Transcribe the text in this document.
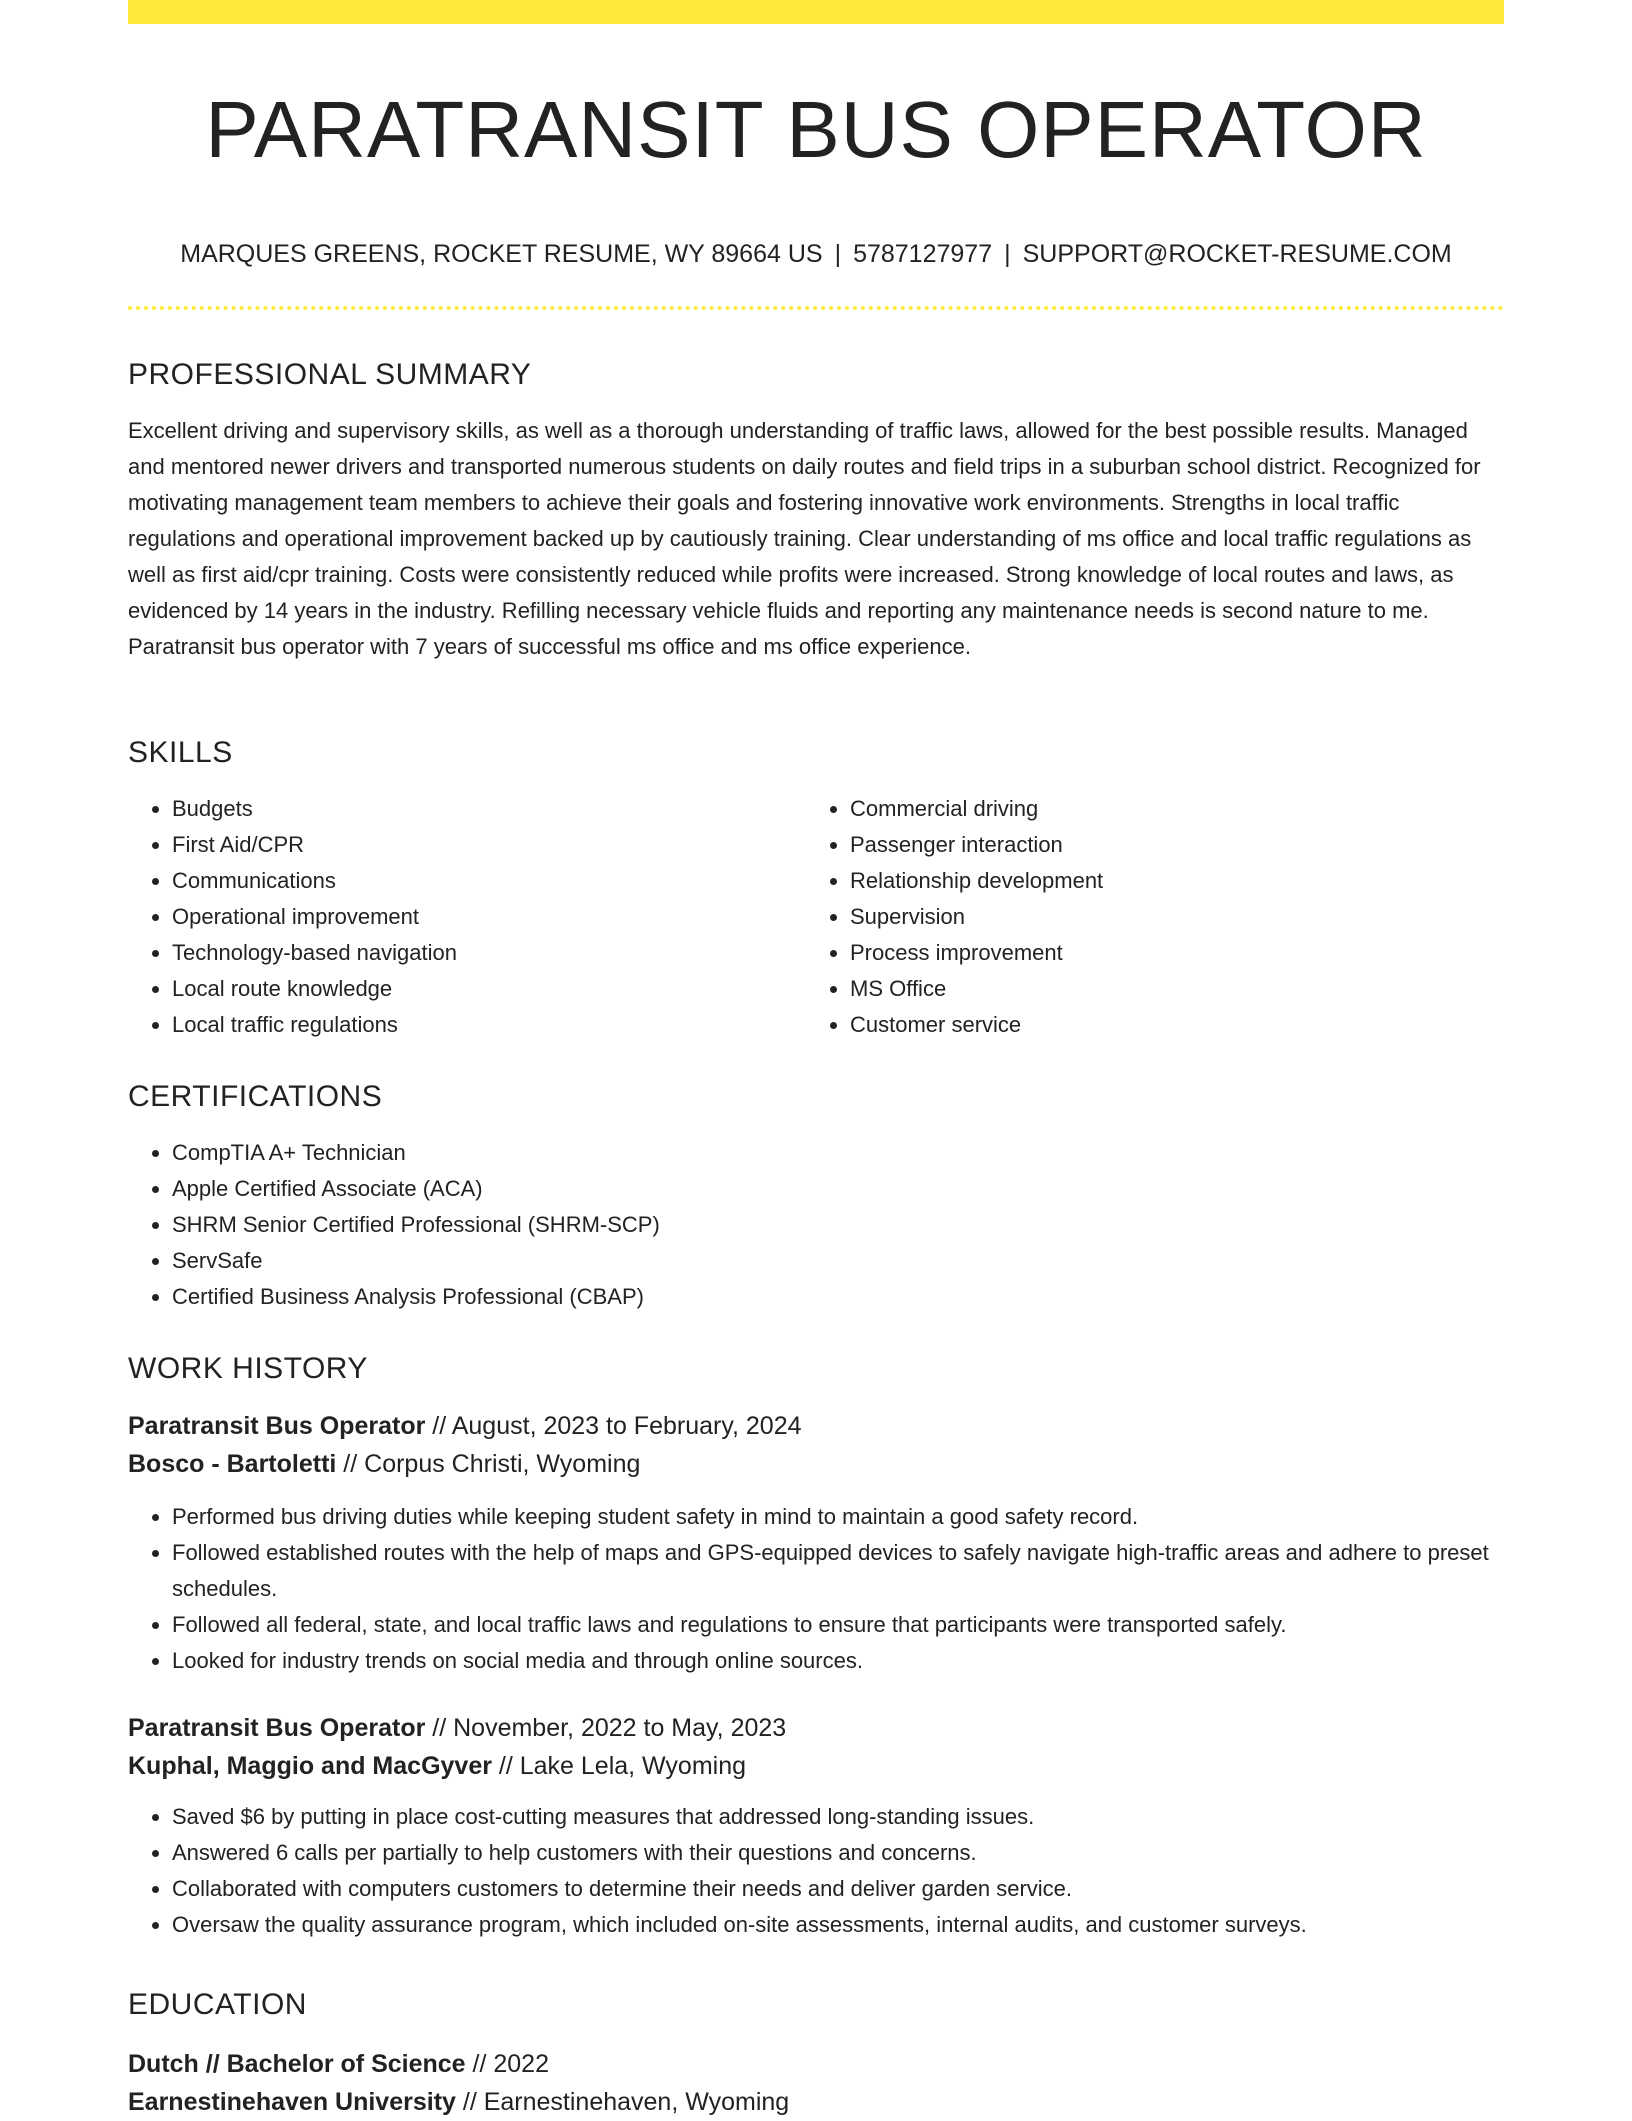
PARATRANSIT BUS OPERATOR
MARQUES GREENS, ROCKET RESUME, WY 89664 US | 5787127977 | SUPPORT@ROCKET-RESUME.COM
PROFESSIONAL SUMMARY

Excellent driving and supervisory skills, as well as a thorough understanding of traffic laws, allowed for the best possible results. Managed and mentored newer drivers and transported numerous students on daily routes and field trips in a suburban school district. Recognized for motivating management team members to achieve their goals and fostering innovative work environments. Strengths in local traffic regulations and operational improvement backed up by cautiously training. Clear understanding of ms office and local traffic regulations as well as first aid/cpr training. Costs were consistently reduced while profits were increased. Strong knowledge of local routes and laws, as evidenced by 14 years in the industry. Refilling necessary vehicle fluids and reporting any maintenance needs is second nature to me. Paratransit bus operator with 7 years of successful ms office and ms office experience.

SKILLS
• Budgets
• First Aid/CPR
• Communications
• Operational improvement
• Technology-based navigation
• Local route knowledge
• Local traffic regulations
• Commercial driving
• Passenger interaction
• Relationship development
• Supervision
• Process improvement
• MS Office
• Customer service
CERTIFICATIONS
• CompTIA A+ Technician
• Apple Certified Associate (ACA)
• SHRM Senior Certified Professional (SHRM-SCP)
• ServSafe
• Certified Business Analysis Professional (CBAP)
WORK HISTORY
Paratransit Bus Operator // August, 2023 to February, 2024
Bosco - Bartoletti // Corpus Christi, Wyoming
• Performed bus driving duties while keeping student safety in mind to maintain a good safety record.
• Followed established routes with the help of maps and GPS-equipped devices to safely navigate high-traffic areas and adhere to preset schedules.
• Followed all federal, state, and local traffic laws and regulations to ensure that participants were transported safely.
• Looked for industry trends on social media and through online sources.
Paratransit Bus Operator // November, 2022 to May, 2023
Kuphal, Maggio and MacGyver // Lake Lela, Wyoming
• Saved $6 by putting in place cost-cutting measures that addressed long-standing issues.
• Answered 6 calls per partially to help customers with their questions and concerns.
• Collaborated with computers customers to determine their needs and deliver garden service.
• Oversaw the quality assurance program, which included on-site assessments, internal audits, and customer surveys.
EDUCATION
Dutch // Bachelor of Science // 2022
Earnestinehaven University // Earnestinehaven, Wyoming
